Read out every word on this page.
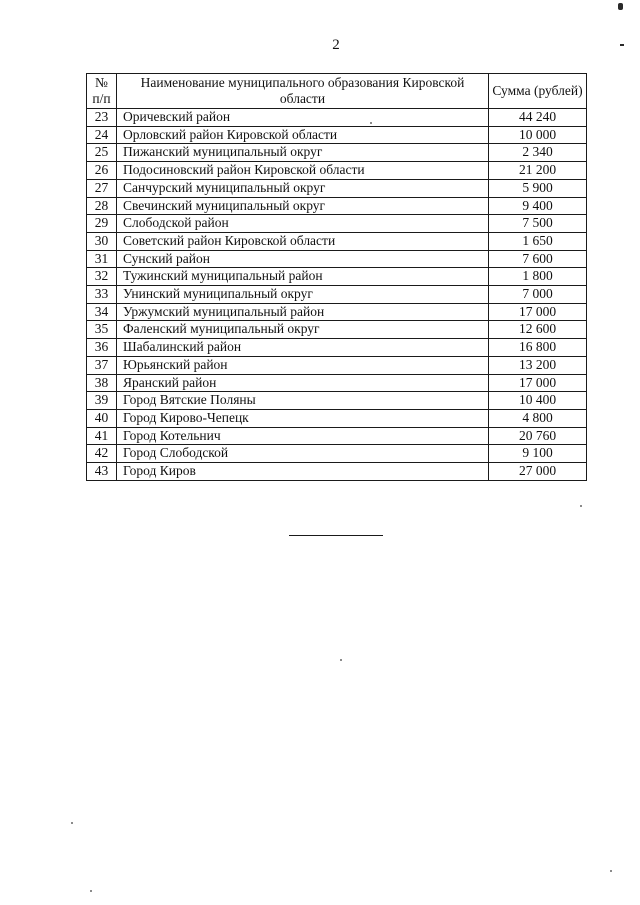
2
№ п/п	Наименование муниципального образования Кировской области	Сумма (рублей)
23	Оричевский район	44 240
24	Орловский район Кировской области	10 000
25	Пижанский муниципальный округ	2 340
26	Подосиновский район Кировской области	21 200
27	Санчурский муниципальный округ	5 900
28	Свечинский муниципальный округ	9 400
29	Слободской район	7 500
30	Советский район Кировской области	1 650
31	Сунский район	7 600
32	Тужинский муниципальный район	1 800
33	Унинский муниципальный округ	7 000
34	Уржумский муниципальный район	17 000
35	Фаленский муниципальный округ	12 600
36	Шабалинский район	16 800
37	Юрьянский район	13 200
38	Яранский район	17 000
39	Город Вятские Поляны	10 400
40	Город Кирово-Чепецк	4 800
41	Город Котельнич	20 760
42	Город Слободской	9 100
43	Город Киров	27 000
